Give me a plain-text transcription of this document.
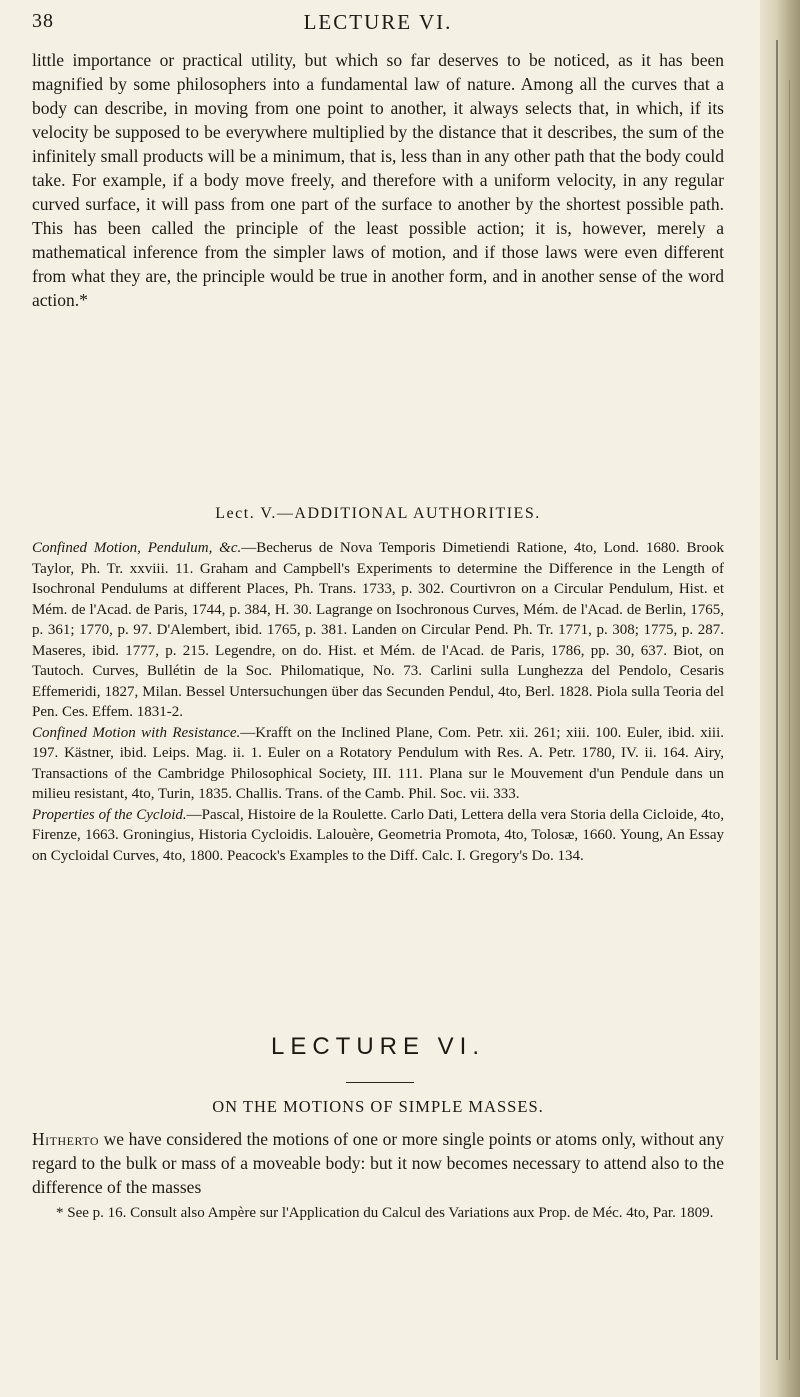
38	LECTURE VI.

little importance or practical utility, but which so far deserves to be noticed, as it has been magnified by some philosophers into a fundamental law of nature. Among all the curves that a body can describe, in moving from one point to another, it always selects that, in which, if its velocity be supposed to be everywhere multiplied by the distance that it describes, the sum of the infinitely small products will be a minimum, that is, less than in any other path that the body could take. For example, if a body move freely, and therefore with a uniform velocity, in any regular curved surface, it will pass from one part of the surface to another by the shortest possible path. This has been called the principle of the least possible action; it is, however, merely a mathematical inference from the simpler laws of motion, and if those laws were even different from what they are, the principle would be true in another form, and in another sense of the word action.*

Lect. V.—ADDITIONAL AUTHORITIES.

Confined Motion, Pendulum, &c.—Becherus de Nova Temporis Dimetiendi Ratione, 4to, Lond. 1680. Brook Taylor, Ph. Tr. xxviii. 11. Graham and Campbell's Experiments to determine the Difference in the Length of Isochronal Pendulums at different Places, Ph. Trans. 1733, p. 302. Courtivron on a Circular Pendulum, Hist. et Mém. de l'Acad. de Paris, 1744, p. 384, H. 30. Lagrange on Isochronous Curves, Mém. de l'Acad. de Berlin, 1765, p. 361; 1770, p. 97. D'Alembert, ibid. 1765, p. 381. Landen on Circular Pend. Ph. Tr. 1771, p. 308; 1775, p. 287. Maseres, ibid. 1777, p. 215. Legendre, on do. Hist. et Mém. de l'Acad. de Paris, 1786, pp. 30, 637. Biot, on Tautoch. Curves, Bullétin de la Soc. Philomatique, No. 73. Carlini sulla Lunghezza del Pendolo, Cesaris Effemeridi, 1827, Milan. Bessel Untersuchungen über das Secunden Pendul, 4to, Berl. 1828. Piola sulla Teoria del Pen. Ces. Effem. 1831-2.
Confined Motion with Resistance.—Krafft on the Inclined Plane, Com. Petr. xii. 261; xiii. 100. Euler, ibid. xiii. 197. Kästner, ibid. Leips. Mag. ii. 1. Euler on a Rotatory Pendulum with Res. A. Petr. 1780, IV. ii. 164. Airy, Transactions of the Cambridge Philosophical Society, III. 111. Plana sur le Mouvement d'un Pendule dans un milieu resistant, 4to, Turin, 1835. Challis. Trans. of the Camb. Phil. Soc. vii. 333.
Properties of the Cycloid.—Pascal, Histoire de la Roulette. Carlo Dati, Lettera della vera Storia della Cicloide, 4to, Firenze, 1663. Groningius, Historia Cycloidis. Lalouère, Geometria Promota, 4to, Tolosæ, 1660. Young, An Essay on Cycloidal Curves, 4to, 1800. Peacock's Examples to the Diff. Calc. I. Gregory's Do. 134.

LECTURE VI.
ON THE MOTIONS OF SIMPLE MASSES.

Hitherto we have considered the motions of one or more single points or atoms only, without any regard to the bulk or mass of a moveable body: but it now becomes necessary to attend also to the difference of the masses

* See p. 16. Consult also Ampère sur l'Application du Calcul des Variations aux Prop. de Méc. 4to, Par. 1809.
